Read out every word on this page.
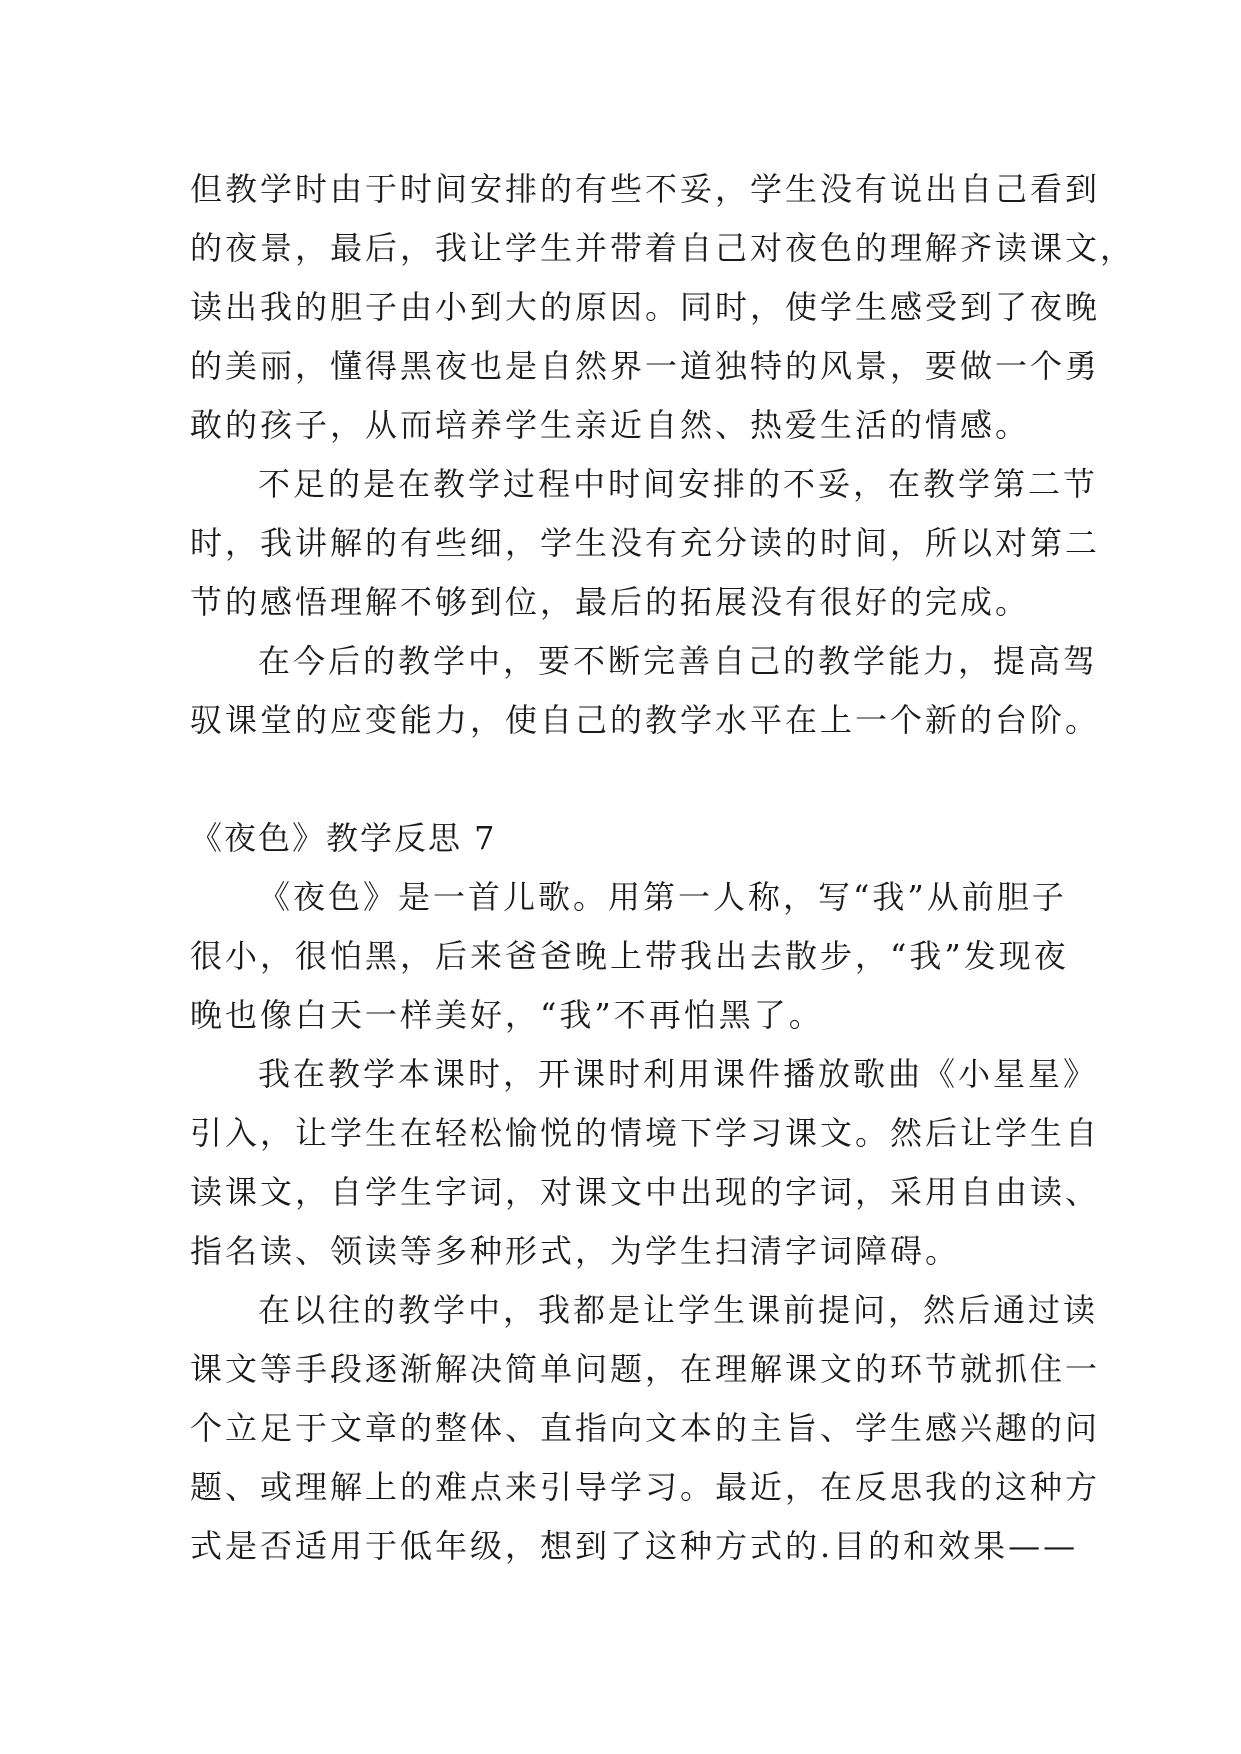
但教学时由于时间安排的有些不妥，学生没有说出自己看到
的夜景，最后，我让学生并带着自己对夜色的理解齐读课文，
读出我的胆子由小到大的原因。同时，使学生感受到了夜晚
的美丽，懂得黑夜也是自然界一道独特的风景，要做一个勇
敢的孩子，从而培养学生亲近自然、热爱生活的情感。
不足的是在教学过程中时间安排的不妥，在教学第二节
时，我讲解的有些细，学生没有充分读的时间，所以对第二
节的感悟理解不够到位，最后的拓展没有很好的完成。
在今后的教学中，要不断完善自己的教学能力，提高驾
驭课堂的应变能力，使自己的教学水平在上一个新的台阶。
《夜色》教学反思 7
《夜色》是一首儿歌。用第一人称，写“我”从前胆子
很小，很怕黑，后来爸爸晚上带我出去散步，“我”发现夜
晚也像白天一样美好，“我”不再怕黑了。
我在教学本课时，开课时利用课件播放歌曲《小星星》
引入，让学生在轻松愉悦的情境下学习课文。然后让学生自
读课文，自学生字词，对课文中出现的字词，采用自由读、
指名读、领读等多种形式，为学生扫清字词障碍。
在以往的教学中，我都是让学生课前提问，然后通过读
课文等手段逐渐解决简单问题，在理解课文的环节就抓住一
个立足于文章的整体、直指向文本的主旨、学生感兴趣的问
题、或理解上的难点来引导学习。最近，在反思我的这种方
式是否适用于低年级，想到了这种方式的.目的和效果——
